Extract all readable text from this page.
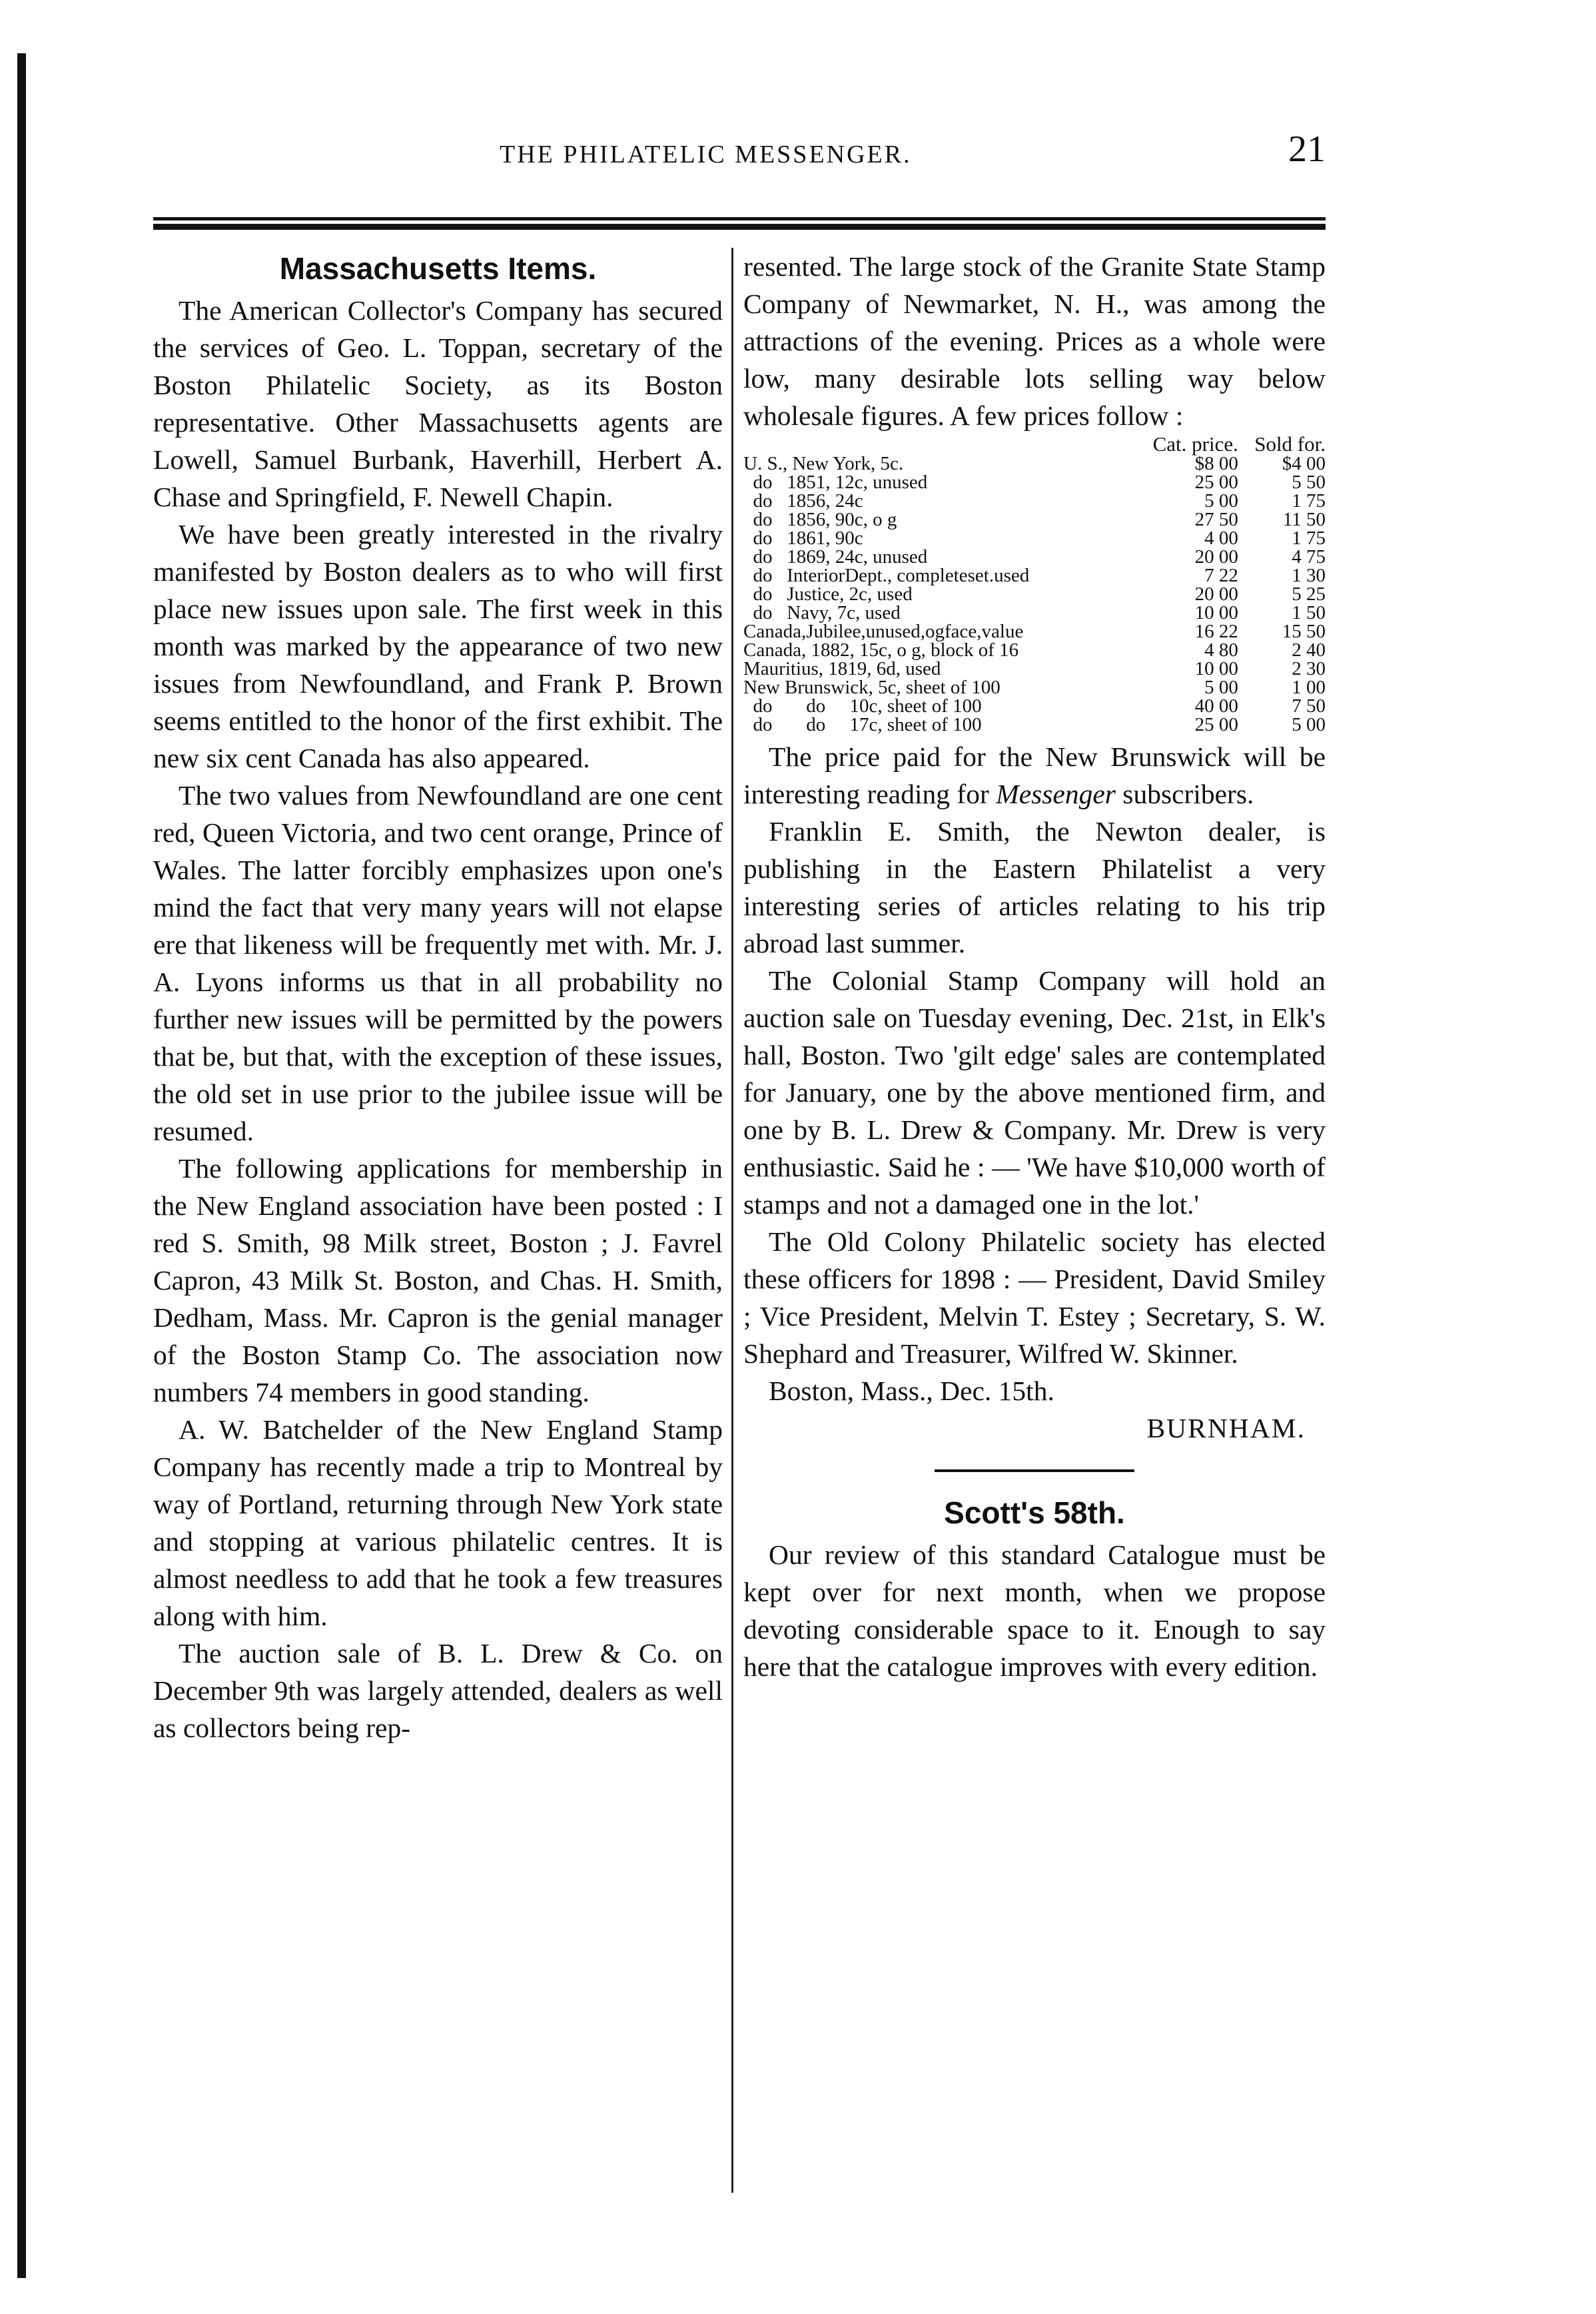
THE PHILATELIC MESSENGER.	21
Massachusetts Items.

The American Collector's Company has secured the services of Geo. L. Toppan, secretary of the Boston Philatelic Society, as its Boston representative. Other Massachusetts agents are Lowell, Samuel Burbank, Haverhill, Herbert A. Chase and Springfield, F. Newell Chapin.

We have been greatly interested in the rivalry manifested by Boston dealers as to who will first place new issues upon sale. The first week in this month was marked by the appearance of two new issues from Newfoundland, and Frank P. Brown seems entitled to the honor of the first exhibit. The new six cent Canada has also appeared.

The two values from Newfoundland are one cent red, Queen Victoria, and two cent orange, Prince of Wales. The latter forcibly emphasizes upon one's mind the fact that very many years will not elapse ere that likeness will be frequently met with. Mr. J. A. Lyons informs us that in all probability no further new issues will be permitted by the powers that be, but that, with the exception of these issues, the old set in use prior to the jubilee issue will be resumed.

The following applications for membership in the New England association have been posted : I red S. Smith, 98 Milk street, Boston ; J. Favrel Capron, 43 Milk St. Boston, and Chas. H. Smith, Dedham, Mass. Mr. Capron is the genial manager of the Boston Stamp Co. The association now numbers 74 members in good standing.

A. W. Batchelder of the New England Stamp Company has recently made a trip to Montreal by way of Portland, returning through New York state and stopping at various philatelic centres. It is almost needless to add that he took a few treasures along with him.

The auction sale of B. L. Drew & Co. on December 9th was largely attended, dealers as well as collectors being rep-

resented. The large stock of the Granite State Stamp Company of Newmarket, N. H., was among the attractions of the evening. Prices as a whole were low, many desirable lots selling way below wholesale figures. A few prices follow :

	Cat. price.	Sold for.
U. S., New York, 5c.	$8 00	$4 00
do   1851, 12c, unused	25 00	5 50
do   1856, 24c	5 00	1 75
do   1856, 90c, o g	27 50	11 50
do   1861, 90c	4 00	1 75
do   1869, 24c, unused	20 00	4 75
do   InteriorDept., completeset.used	7 22	1 30
do   Justice, 2c, used	20 00	5 25
do   Navy, 7c, used	10 00	1 50
Canada,Jubilee,unused,ogface,value	16 22	15 50
Canada, 1882, 15c, o g, block of 16	4 80	2 40
Mauritius, 1819, 6d, used	10 00	2 30
New Brunswick, 5c, sheet of 100	5 00	1 00
do       do     10c, sheet of 100	40 00	7 50
do       do     17c, sheet of 100	25 00	5 00

The price paid for the New Brunswick will be interesting reading for Messenger subscribers.

Franklin E. Smith, the Newton dealer, is publishing in the Eastern Philatelist a very interesting series of articles relating to his trip abroad last summer.

The Colonial Stamp Company will hold an auction sale on Tuesday evening, Dec. 21st, in Elk's hall, Boston. Two 'gilt edge' sales are contemplated for January, one by the above mentioned firm, and one by B. L. Drew & Company. Mr. Drew is very enthusiastic. Said he : — 'We have $10,000 worth of stamps and not a damaged one in the lot.'

The Old Colony Philatelic society has elected these officers for 1898 : — President, David Smiley ; Vice President, Melvin T. Estey ; Secretary, S. W. Shephard and Treasurer, Wilfred W. Skinner.

Boston, Mass., Dec. 15th.

BURNHAM.

Scott's 58th.

Our review of this standard Catalogue must be kept over for next month, when we propose devoting considerable space to it. Enough to say here that the catalogue improves with every edition.
